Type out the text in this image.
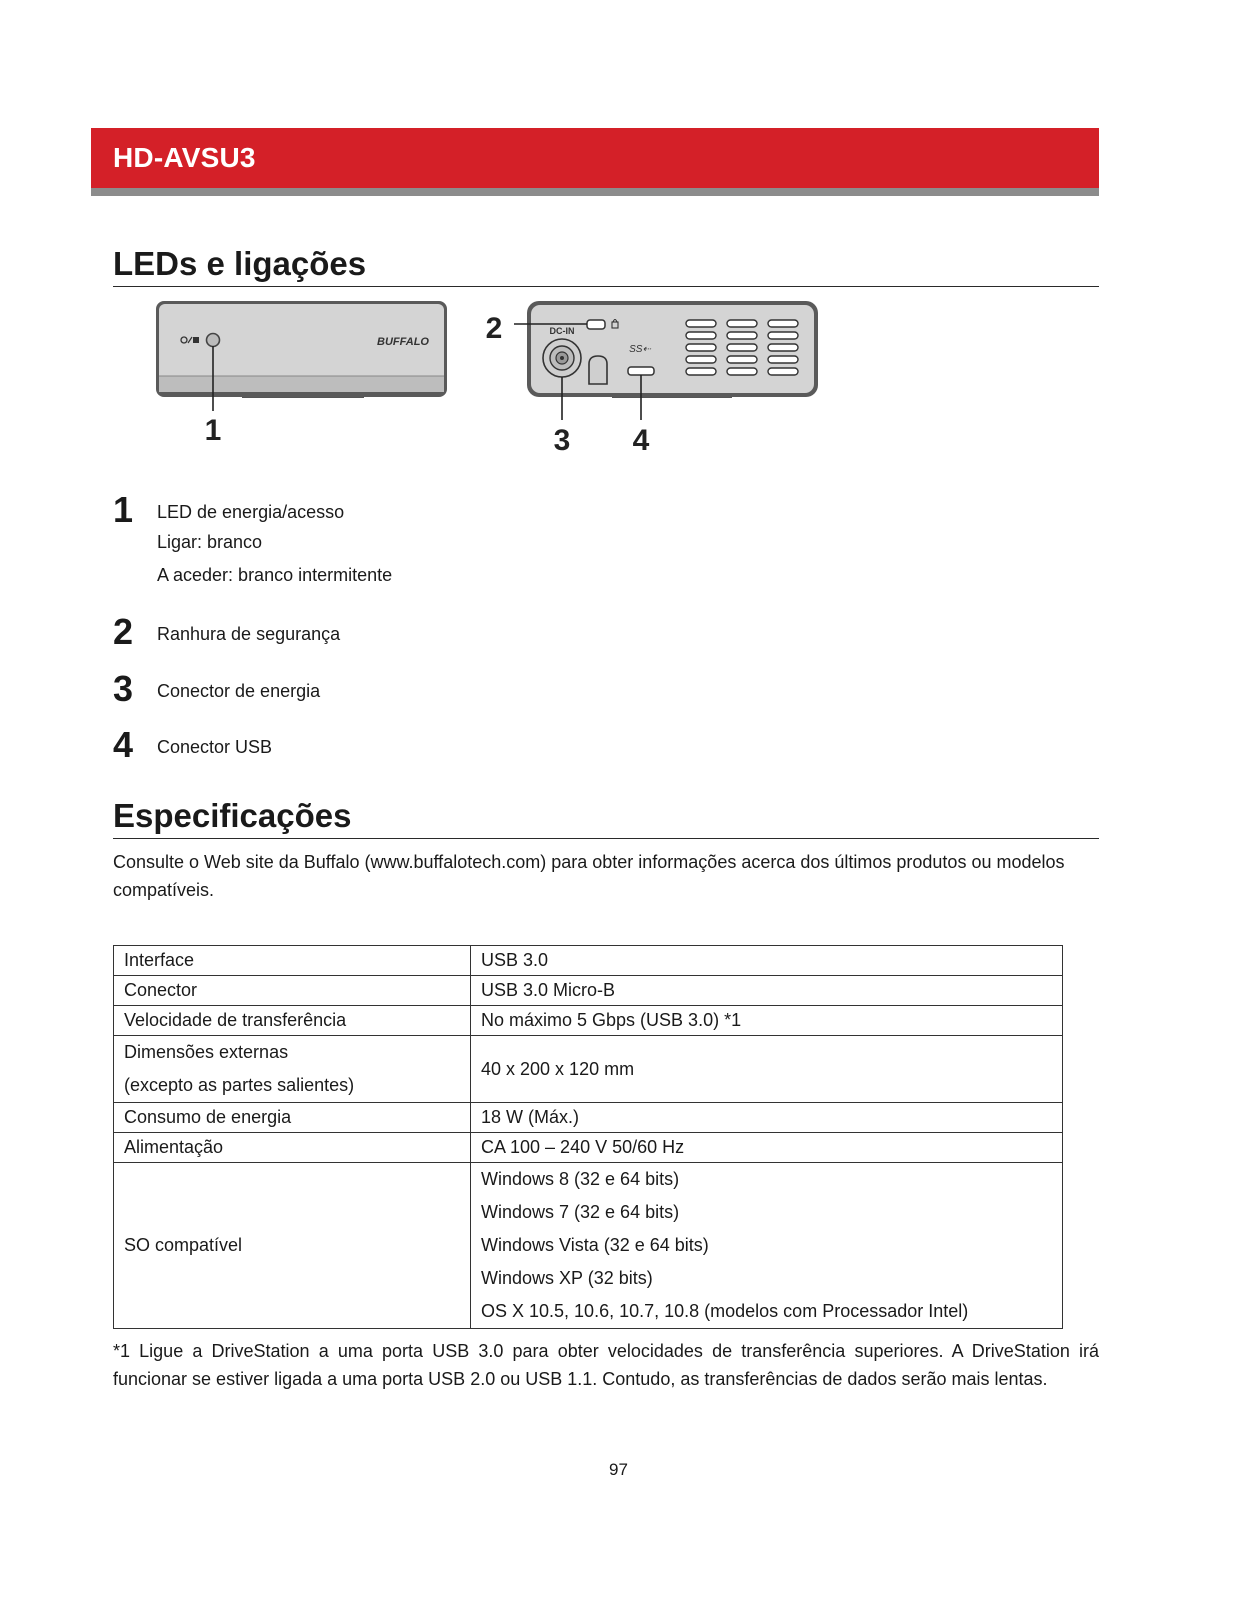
HD-AVSU3
LEDs e ligações
BUFFALO
1
DC-IN
SS⇠
2
3 4
1	LED de energia/acesso
Ligar: branco
A aceder: branco intermitente
2	Ranhura de segurança
3	Conector de energia
4	Conector USB
Especificações
Consulte o Web site da Buffalo (www.buffalotech.com) para obter informações acerca dos últimos produtos ou modelos compatíveis.
Interface	USB 3.0
Conector	USB 3.0 Micro-B
Velocidade de transferência	No máximo 5 Gbps (USB 3.0) *1

Dimensões externas
(excepto as partes salientes)	40 x 200 x 120 mm
Consumo de energia	18 W (Máx.)
Alimentação	CA 100 – 240 V 50/60 Hz
SO compatível	Windows 8 (32 e 64 bits)
Windows 7 (32 e 64 bits)
Windows Vista (32 e 64 bits)
Windows XP (32 bits)
OS X 10.5, 10.6, 10.7, 10.8 (modelos com Processador Intel)
*1 Ligue a DriveStation a uma porta USB 3.0 para obter velocidades de transferência superiores. A DriveStation irá funcionar se estiver ligada a uma porta USB 2.0 ou USB 1.1. Contudo, as transferências de dados serão mais lentas.
97
